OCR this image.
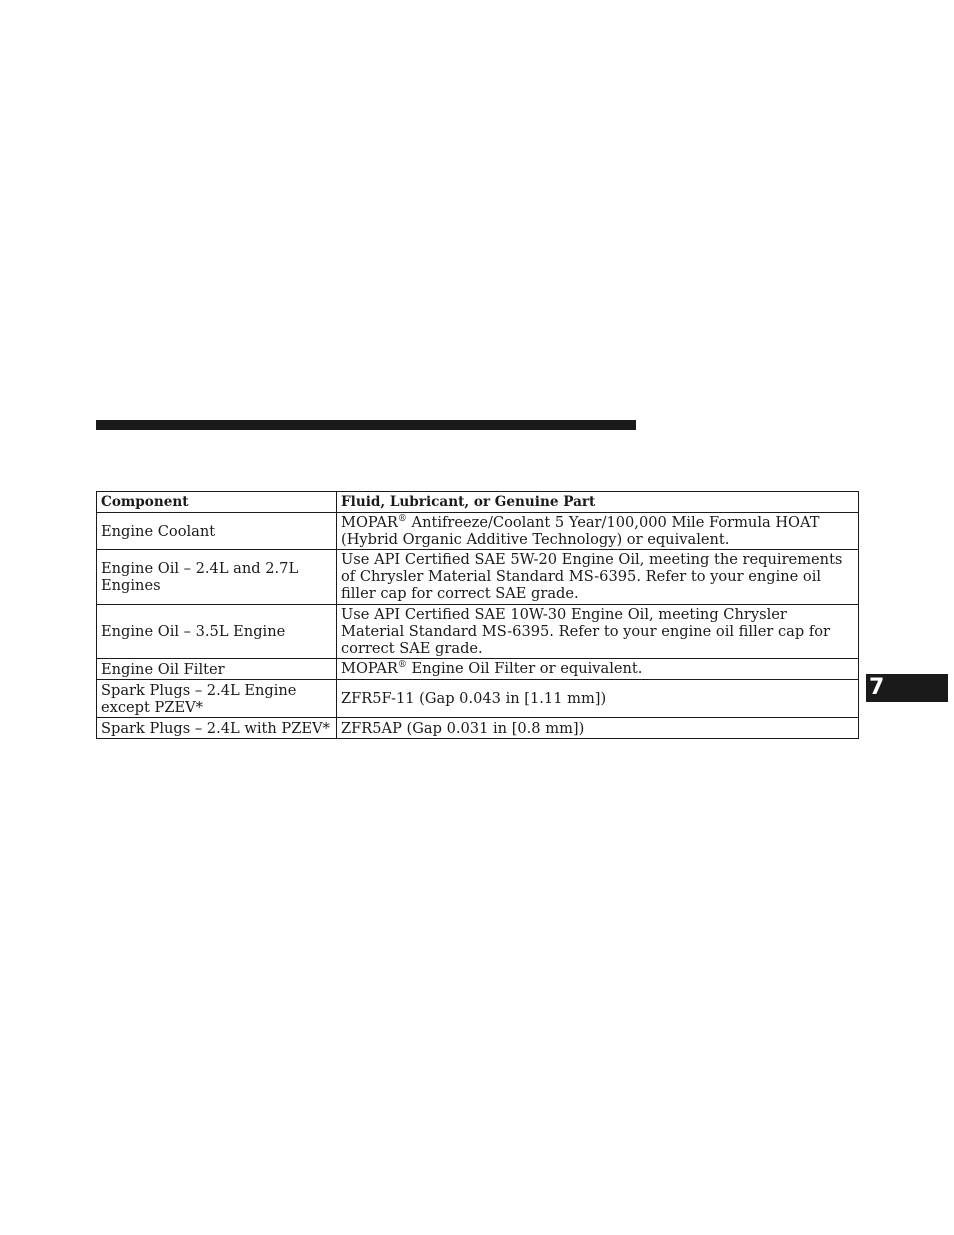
Component	Fluid, Lubricant, or Genuine Part
Engine Coolant	MOPAR® Antifreeze/Coolant 5 Year/100,000 Mile Formula HOAT (Hybrid Organic Additive Technology) or equivalent.
Engine Oil – 2.4L and 2.7L Engines	Use API Certified SAE 5W-20 Engine Oil, meeting the requirements of Chrysler Material Standard MS-6395. Refer to your engine oil filler cap for correct SAE grade.
Engine Oil – 3.5L Engine	Use API Certified SAE 10W-30 Engine Oil, meeting Chrysler Material Standard MS-6395. Refer to your engine oil filler cap for correct SAE grade.
Engine Oil Filter	MOPAR® Engine Oil Filter or equivalent.
Spark Plugs – 2.4L Engine except PZEV*	ZFR5F-11 (Gap 0.043 in [1.11 mm])
Spark Plugs – 2.4L with PZEV*	ZFR5AP (Gap 0.031 in [0.8 mm])
7
